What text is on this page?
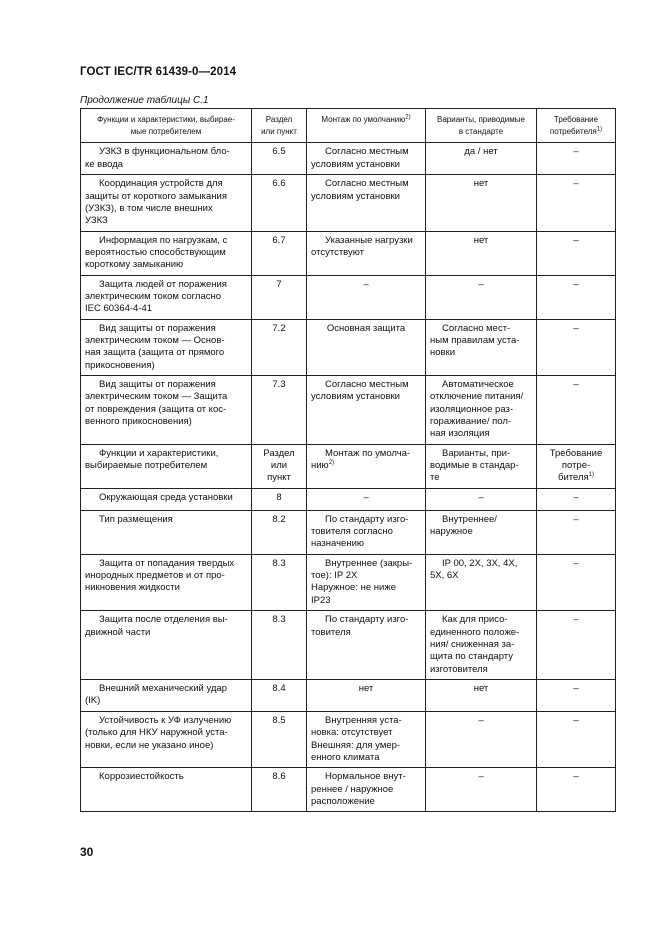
ГОСТ IEC/TR 61439-0—2014
Продолжение таблицы С.1
Функции и характеристики, выбирае-
мые потребителем	Раздел
или пункт	Монтаж по умолчанию$^{2)}$	Варианты, приводимые
в стандарте	Требование
потребителя$^{1)}$
УЗКЗ в функциональном бло-
ке ввода	6.5	Согласно местным
условиям установки	да / нет	–
Координация устройств для
защиты от короткого замыкания
(УЗКЗ), в том числе внешних
УЗКЗ	6.6	Согласно местным
условиям установки	нет	–
Информация по нагрузкам, с
вероятностью способствующим
короткому замыканию	6.7	Указанные нагрузки
отсутствуют	нет	–
Защита людей от поражения
электрическим током согласно
IEC 60364-4-41	7	–	–	–
Вид защиты от поражения
электрическим током — Основ-
ная защита (защита от прямого
прикосновения)	7.2	Основная защита	Согласно мест-
ным правилам уста-
новки	–
Вид защиты от поражения
электрическим током — Защита
от повреждения (защита от кос-
венного прикосновения)	7.3	Согласно местным
условиям установки	Автоматическое
отключение питания/
изоляционное раз-
гораживание/ пол-
ная изоляция	–
Функции и характеристики,
выбираемые потребителем	Раздел
или
пункт	Монтаж по умолча-
нию$^{2)}$	Варианты, при-
водимые в стандар-
те	Требование
потре-
бителя$^{1)}$
Окружающая среда установки	8	–	–	–
Тип размещения	8.2	По стандарту изго-
товителя согласно
назначению	Внутреннее/
наружное	–
Защита от попадания твердых
инородных предметов и от про-
никновения жидкости	8.3	Внутреннее (закры-
тое): IP 2X
Наружное: не ниже
IP23	IP 00, 2X, 3X, 4X,
5X, 6X	–
Защита после отделения вы-
движной части	8.3	По стандарту изго-
товителя	Как для присо-
единенного положе-
ния/ сниженная за-
щита по стандарту
изготовителя	–
Внешний механический удар
(IK)	8.4	нет	нет	–
Устойчивость к УФ излучению
(только для НКУ наружной уста-
новки, если не указано иное)	8.5	Внутренняя уста-
новка: отсутствует
Внешняя: для умер-
енного климата	–	–
Коррозиестойкость	8.6	Нормальное внут-
реннее / наружное
расположение	–	–
30
